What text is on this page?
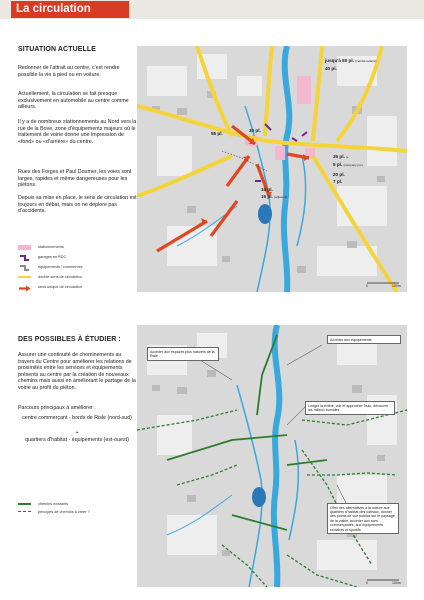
La circulation
SITUATION ACTUELLE
Redonner de l'attrait au centre, c'est rendre possible la vie à pied ou en voiture.
Actuellement, la circulation se fait presque exclusivement en automobile au centre comme ailleurs.
Il y a de nombreux stationnements au Nord vers la rue de la Bove, zone d'équipements majeurs où le traitement de voirie donne une impression de «fond» ou «d'arrière» du centre.
Rues des Forges et Paul Doumer, les voies sont larges, rapides et même dangereuses pour les piétons.
Depuis sa mise en place, le sens de circulation est toujours en débat, mais on ne déplore pas d'accidents.
stationnements
garages en RDC
équipements / commerces
double sens de circulation
sens unique de circulation
jusqu'à 80 pl. (hebdomadaire)
40 pl.
30 pl.
55 pl.
35 pl. (+
5 pl. (company pro)
20 pl.
7 pl.
15 pl.
15 pl. (adjacent)
0	100m
DES POSSIBLES À ÉTUDIER :
Assurer une continuité de cheminements au travers du Centre pour améliorer les relations de proximités entre les services et équipements présents au centre par la création de nouveaux chemins mais aussi en améliorant le partage de la voirie au profit du piéton.
Parcours principaux à améliorer :
centre commerçant - bords de Risle (nord-sud)
+
quartiers d'habitat - équipements (est-ouest)
chemins existants
principes de chemins à créer ?
Accéder aux espaces plus naturels de la Risle
Accéder aux équipements
Longer la rivière, voir et approcher l'eau, découvrir les milieux humides
Offrir des alternatives à la voiture aux quartiers d'habitat des coteaux, donner des points de vue publics sur le paysage de la vallée, accéder aux rues commerçantes, aux équipements scolaires et sportifs
0	100m
